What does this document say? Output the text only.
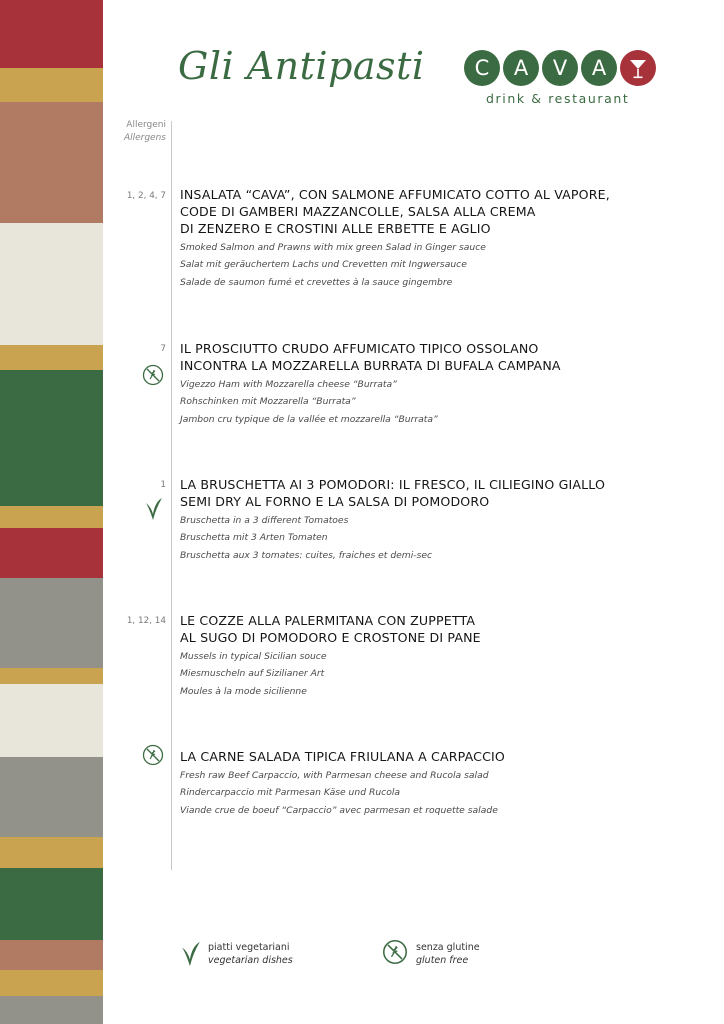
Gli Antipasti	C	A	V	A
drink & restaurant
Allergeni
Allergens
1, 2, 4, 7 INSALATA “CAVA”, CON SALMONE AFFUMICATO COTTO AL VAPORE,
CODE DI GAMBERI MAZZANCOLLE, SALSA ALLA CREMA
DI ZENZERO E CROSTINI ALLE ERBETTE E AGLIO
Smoked Salmon and Prawns with mix green Salad in Ginger sauce
Salat mit geräuchertem Lachs und Crevetten mit Ingwersauce
Salade de saumon fumé et crevettes à la sauce gingembre
7 IL PROSCIUTTO CRUDO AFFUMICATO TIPICO OSSOLANO
INCONTRA LA MOZZARELLA BURRATA DI BUFALA CAMPANA
Vigezzo Ham with Mozzarella cheese “Burrata”
Rohschinken mit Mozzarella “Burrata”
Jambon cru typique de la vallée et mozzarella “Burrata”
1 LA BRUSCHETTA AI 3 POMODORI: IL FRESCO, IL CILIEGINO GIALLO
SEMI DRY AL FORNO E LA SALSA DI POMODORO
Bruschetta in a 3 different Tomatoes
Bruschetta mit 3 Arten Tomaten
Bruschetta aux 3 tomates: cuites, fraiches et demi-sec
1, 12, 14 LE COZZE ALLA PALERMITANA CON ZUPPETTA
AL SUGO DI POMODORO E CROSTONE DI PANE
Mussels in typical Sicilian souce
Miesmuscheln auf Sizilianer Art
Moules à la mode sicilienne
LA CARNE SALADA TIPICA FRIULANA A CARPACCIO
Fresh raw Beef Carpaccio, with Parmesan cheese and Rucola salad
Rindercarpaccio mit Parmesan Käse und Rucola
Viande crue de boeuf “Carpaccio” avec parmesan et roquette salade
piatti vegetariani
vegetarian dishes
senza glutine
gluten free
